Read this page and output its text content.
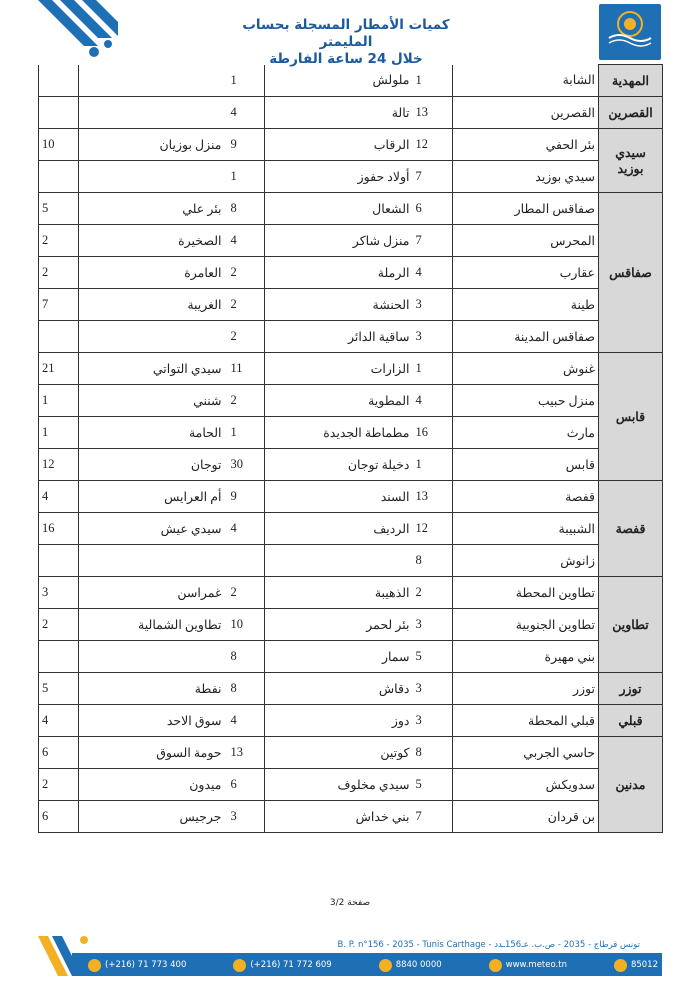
كميات الأمطار المسجلة بحساب المليمتر
خلال 24 ساعة الفارطة
		1	ملولش	1	الشابة	المهدية
		4	تالة	13	القصرين	القصرين
10	منزل بوزيان	9	الرقاب	12	بئر الحفي	سيدي بوزيد
		1	أولاد حفوز	7	سيدي بوزيد	
5	بئر علي	8	الشعال	6	صفاقس المطار	صفاقس
2	الصخيرة	4	منزل شاكر	7	المحرس	
2	العامرة	2	الرملة	4	عقارب	
7	الغريبة	2	الحنشة	3	طينة	
		2	ساقية الدائر	3	صفاقس المدينة	
21	سيدي التواتي	11	الزارات	1	غنوش	قابس
1	شنني	2	المطوية	4	منزل حبيب	
1	الحامة	1	مطماطة الجديدة	16	مارث	
12	توجان	30	دخيلة توجان	1	قابس	
4	أم العرايس	9	السند	13	قفصة	قفصة
16	سيدي عيش	4	الرديف	12	الشبيبة	
				8	زانوش	
3	غمراسن	2	الذهيبة	2	تطاوين المحطة	تطاوين
2	تطاوين الشمالية	10	بئر لحمر	3	تطاوين الجنوبية	
		8	سمار	5	بني مهيرة	
5	نفطة	8	دقاش	3	توزر	توزر
4	سوق الاحد	4	دوز	3	قبلي المحطة	قبلي
6	حومة السوق	13	كوتين	8	حاسي الجربي	مدنين
2	ميدون	6	سيدي مخلوف	5	سدويكش	
6	جرجيس	3	بني خداش	7	بن قردان	
صفحة 3/2
B. P. n°156 - 2035 - Tunis Carthage - تونس قرطاج - 2035 - ص.ب. عـ156ـدد
(+216) 71 773 400	(+216) 71 772 609	8840 0000	www.meteo.tn	85012
